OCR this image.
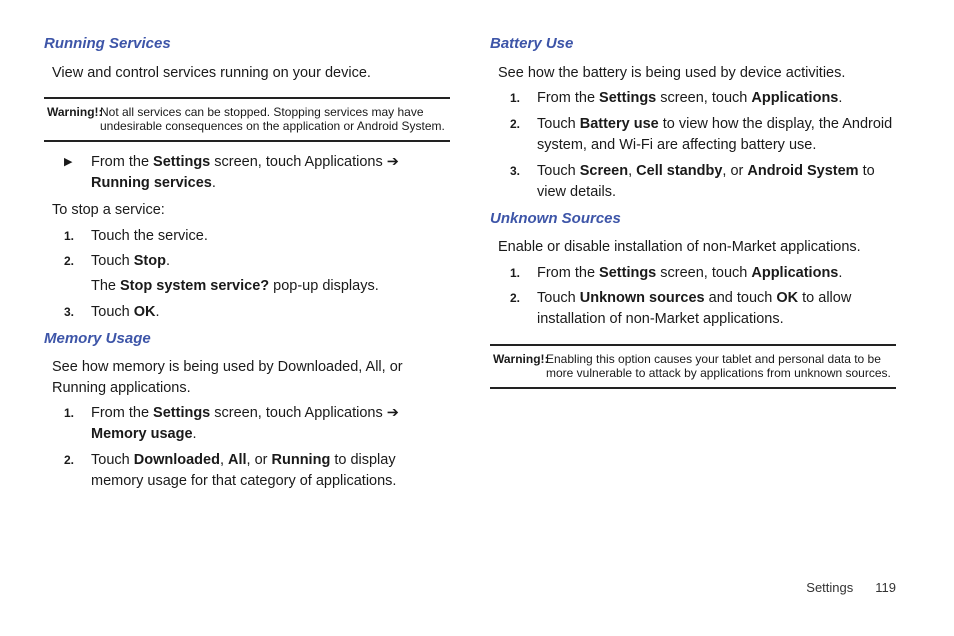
Running Services
View and control services running on your device.
Warning!:
Not all services can be stopped. Stopping services may have undesirable consequences on the application or Android System.
▶	From the Settings screen, touch Applications ➔ Running services.
To stop a service:
1.	Touch the service.
2.	Touch Stop.
The Stop system service? pop-up displays.
3.	Touch OK.
Memory Usage
See how memory is being used by Downloaded, All, or Running applications.
1.	From the Settings screen, touch Applications ➔ Memory usage.
2.	Touch Downloaded, All, or Running to display memory usage for that category of applications.
Battery Use
See how the battery is being used by device activities.
1.	From the Settings screen, touch Applications.
2.	Touch Battery use to view how the display, the Android system, and Wi-Fi are affecting battery use.
3.	Touch Screen, Cell standby, or Android System to view details.
Unknown Sources
Enable or disable installation of non-Market applications.
1.	From the Settings screen, touch Applications.
2.	Touch Unknown sources and touch OK to allow installation of non-Market applications.
Warning!:
Enabling this option causes your tablet and personal data to be more vulnerable to attack by applications from unknown sources.
Settings 119
